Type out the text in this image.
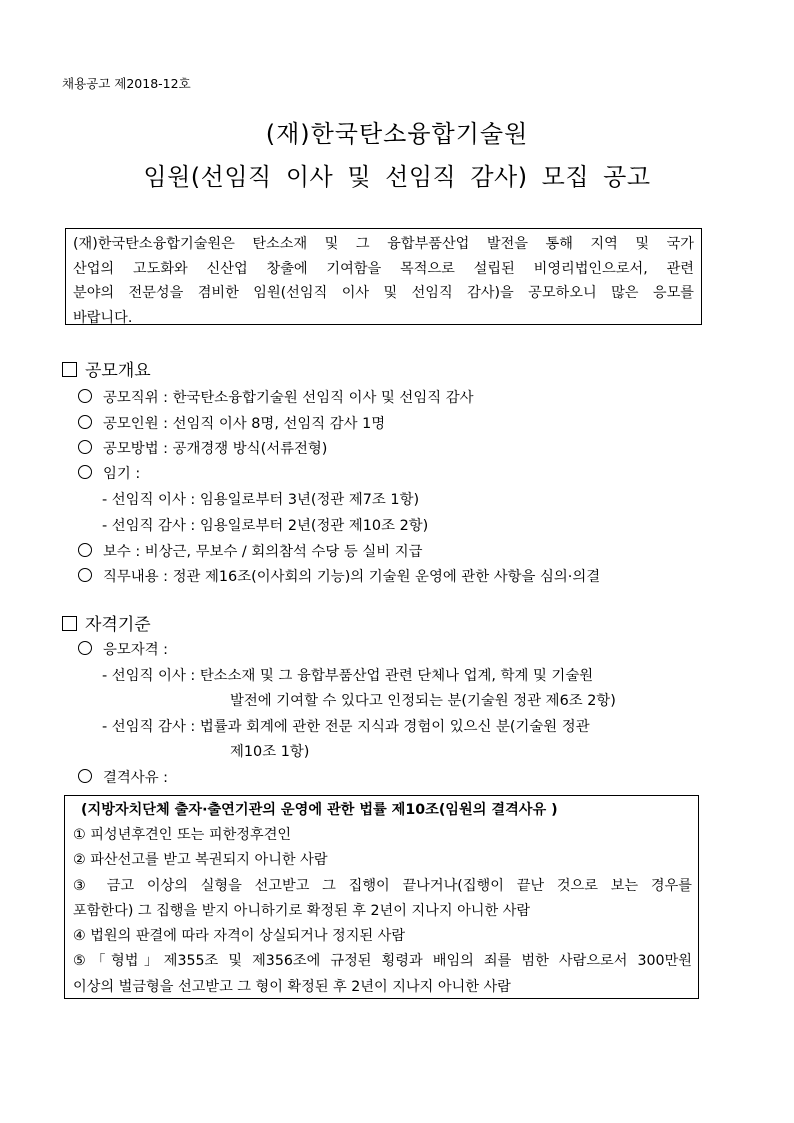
채용공고 제2018-12호
(재)한국탄소융합기술원
임원(선임직 이사 및 선임직 감사) 모집 공고
(재)한국탄소융합기술원은 탄소소재 및 그 융합부품산업 발전을 통해 지역 및 국가
산업의 고도화와 신산업 창출에 기여함을 목적으로 설립된 비영리법인으로서, 관련
분야의 전문성을 겸비한 임원(선임직 이사 및 선임직 감사)을 공모하오니 많은 응모를
바랍니다.
공모개요
공모직위 : 한국탄소융합기술원 선임직 이사 및 선임직 감사
공모인원 : 선임직 이사 8명, 선임직 감사 1명
공모방법 : 공개경쟁 방식(서류전형)
임기 :
- 선임직 이사 : 임용일로부터 3년(정관 제7조 1항)
- 선임직 감사 : 임용일로부터 2년(정관 제10조 2항)
보수 : 비상근, 무보수 / 회의참석 수당 등 실비 지급
직무내용 : 정관 제16조(이사회의 기능)의 기술원 운영에 관한 사항을 심의·의결
자격기준
응모자격 :
- 선임직 이사 : 탄소소재 및 그 융합부품산업 관련 단체나 업계, 학계 및 기술원
발전에 기여할 수 있다고 인정되는 분(기술원 정관 제6조 2항)
- 선임직 감사 : 법률과 회계에 관한 전문 지식과 경험이 있으신 분(기술원 정관
제10조 1항)
결격사유 :
(지방자치단체 출자·출연기관의 운영에 관한 법률 제10조(임원의 결격사유 )
① 피성년후견인 또는 피한정후견인
② 파산선고를 받고 복권되지 아니한 사람
③ 금고 이상의 실형을 선고받고 그 집행이 끝나거나(집행이 끝난 것으로 보는 경우를
포함한다) 그 집행을 받지 아니하기로 확정된 후 2년이 지나지 아니한 사람
④ 법원의 판결에 따라 자격이 상실되거나 정지된 사람
⑤「형법」제355조 및 제356조에 규정된 횡령과 배임의 죄를 범한 사람으로서 300만원
이상의 벌금형을 선고받고 그 형이 확정된 후 2년이 지나지 아니한 사람
